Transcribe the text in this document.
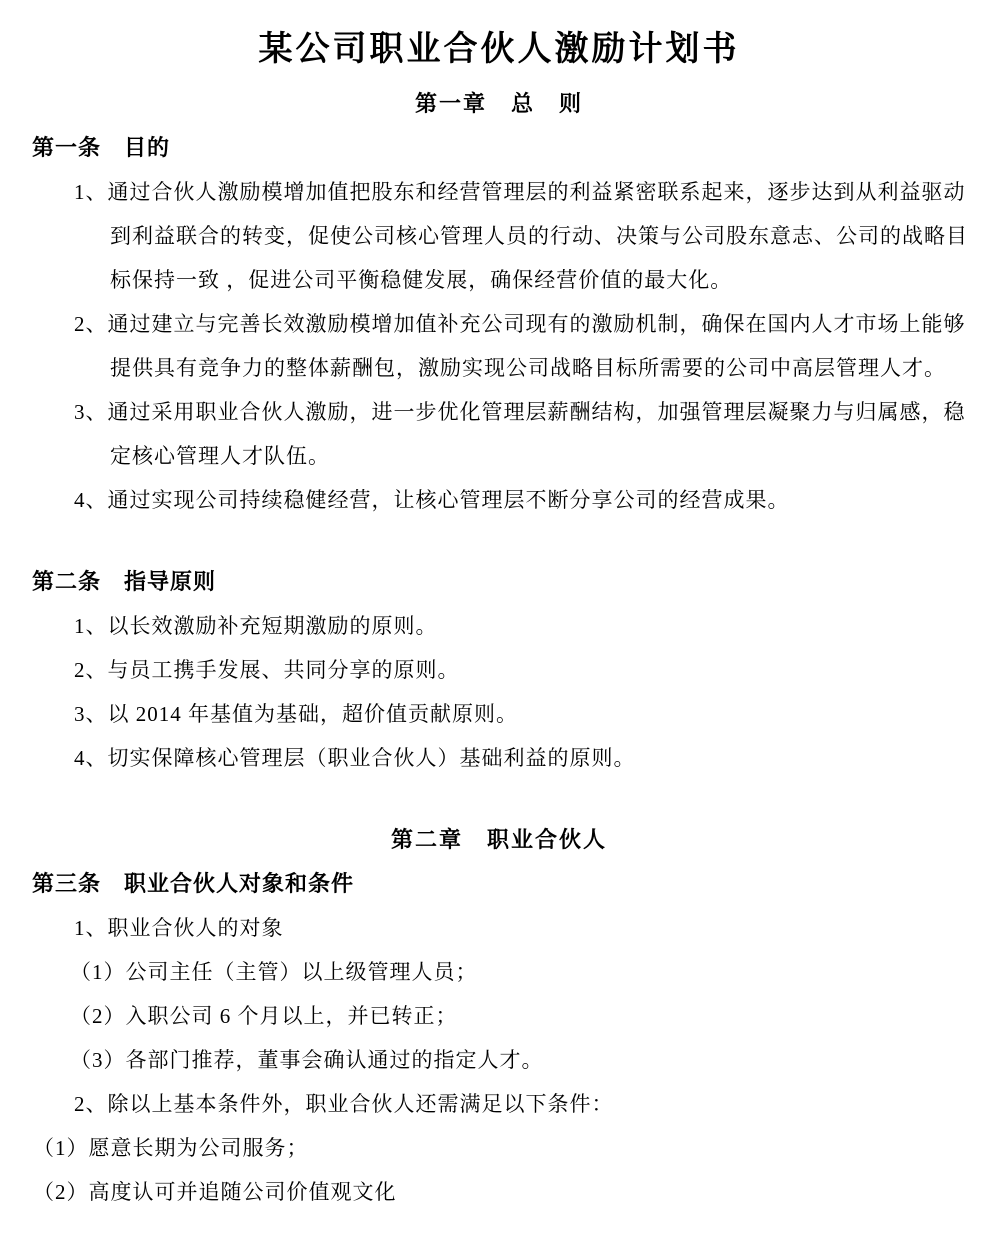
某公司职业合伙人激励计划书
第一章　总　则
第一条　目的
1、通过合伙人激励模增加值把股东和经营管理层的利益紧密联系起来，逐步达到从利益驱动
到利益联合的转变，促使公司核心管理人员的行动、决策与公司股东意志、公司的战略目
标保持一致 ，促进公司平衡稳健发展，确保经营价值的最大化。
2、通过建立与完善长效激励模增加值补充公司现有的激励机制，确保在国内人才市场上能够
提供具有竞争力的整体薪酬包，激励实现公司战略目标所需要的公司中高层管理人才。
3、通过采用职业合伙人激励，进一步优化管理层薪酬结构，加强管理层凝聚力与归属感，稳
定核心管理人才队伍。
4、通过实现公司持续稳健经营，让核心管理层不断分享公司的经营成果。
第二条　指导原则
1、以长效激励补充短期激励的原则。
2、与员工携手发展、共同分享的原则。
3、以 2014 年基值为基础，超价值贡献原则。
4、切实保障核心管理层（职业合伙人）基础利益的原则。
第二章　职业合伙人
第三条　职业合伙人对象和条件
1、职业合伙人的对象
（1）公司主任（主管）以上级管理人员；
（2）入职公司 6 个月以上，并已转正；
（3）各部门推荐，董事会确认通过的指定人才。
2、除以上基本条件外，职业合伙人还需满足以下条件：
（1）愿意长期为公司服务；
（2）高度认可并追随公司价值观文化
